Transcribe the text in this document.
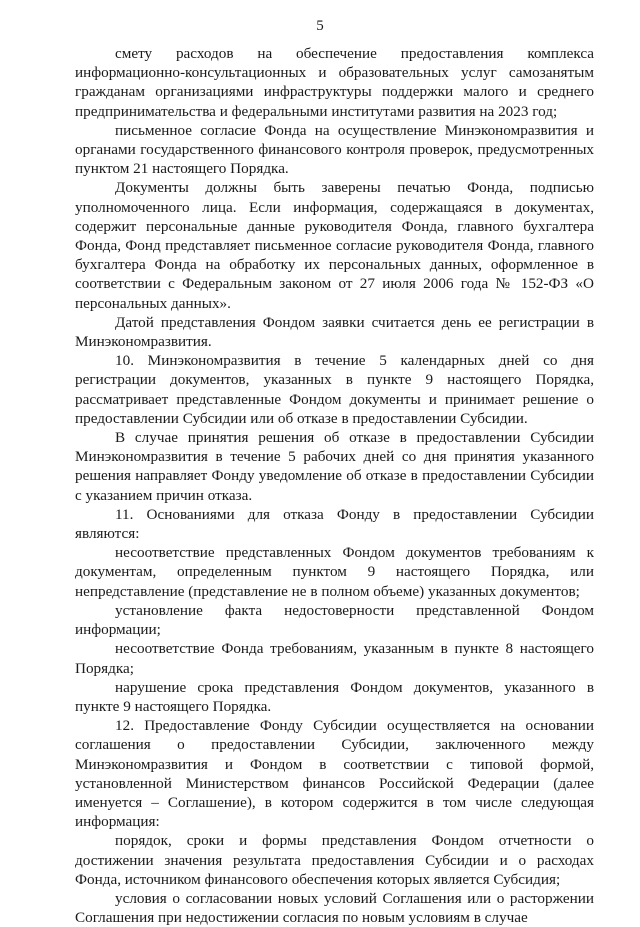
5

смету расходов на обеспечение предоставления комплекса информационно-консультационных и образовательных услуг самозанятым гражданам организациями инфраструктуры поддержки малого и среднего предпринимательства и федеральными институтами развития на 2023 год;

письменное согласие Фонда на осуществление Минэкономразвития и органами государственного финансового контроля проверок, предусмотренных пунктом 21 настоящего Порядка.

Документы должны быть заверены печатью Фонда, подписью уполномоченного лица. Если информация, содержащаяся в документах, содержит персональные данные руководителя Фонда, главного бухгалтера Фонда, Фонд представляет письменное согласие руководителя Фонда, главного бухгалтера Фонда на обработку их персональных данных, оформленное в соответствии с Федеральным законом от 27 июля 2006 года № 152-ФЗ «О персональных данных».

Датой представления Фондом заявки считается день ее регистрации в Минэкономразвития.

10. Минэкономразвития в течение 5 календарных дней со дня регистрации документов, указанных в пункте 9 настоящего Порядка, рассматривает представленные Фондом документы и принимает решение о предоставлении Субсидии или об отказе в предоставлении Субсидии.

В случае принятия решения об отказе в предоставлении Субсидии Минэкономразвития в течение 5 рабочих дней со дня принятия указанного решения направляет Фонду уведомление об отказе в предоставлении Субсидии с указанием причин отказа.

11. Основаниями для отказа Фонду в предоставлении Субсидии являются:

несоответствие представленных Фондом документов требованиям к документам, определенным пунктом 9 настоящего Порядка, или непредставление (представление не в полном объеме) указанных документов;

установление факта недостоверности представленной Фондом информации;

несоответствие Фонда требованиям, указанным в пункте 8 настоящего Порядка;

нарушение срока представления Фондом документов, указанного в пункте 9 настоящего Порядка.

12. Предоставление Фонду Субсидии осуществляется на основании соглашения о предоставлении Субсидии, заключенного между Минэкономразвития и Фондом в соответствии с типовой формой, установленной Министерством финансов Российской Федерации (далее именуется – Соглашение), в котором содержится в том числе следующая информация:

порядок, сроки и формы представления Фондом отчетности о достижении значения результата предоставления Субсидии и о расходах Фонда, источником финансового обеспечения которых является Субсидия;

условия о согласовании новых условий Соглашения или о расторжении Соглашения при недостижении согласия по новым условиям в случае
